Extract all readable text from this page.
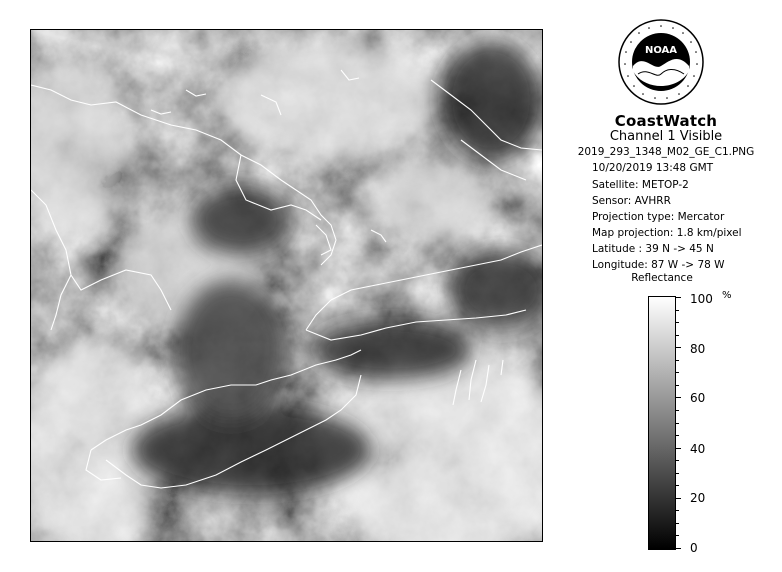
NOAA
CoastWatch
Channel 1 Visible
2019_293_1348_M02_GE_C1.PNG
10/20/2019 13:48 GMT
Satellite: METOP-2
Sensor: AVHRR
Projection type: Mercator
Map projection: 1.8 km/pixel
Latitude : 39 N -> 45 N
Longitude: 87 W -> 78 W
Reflectance
%
100
80
60
40
20
0
